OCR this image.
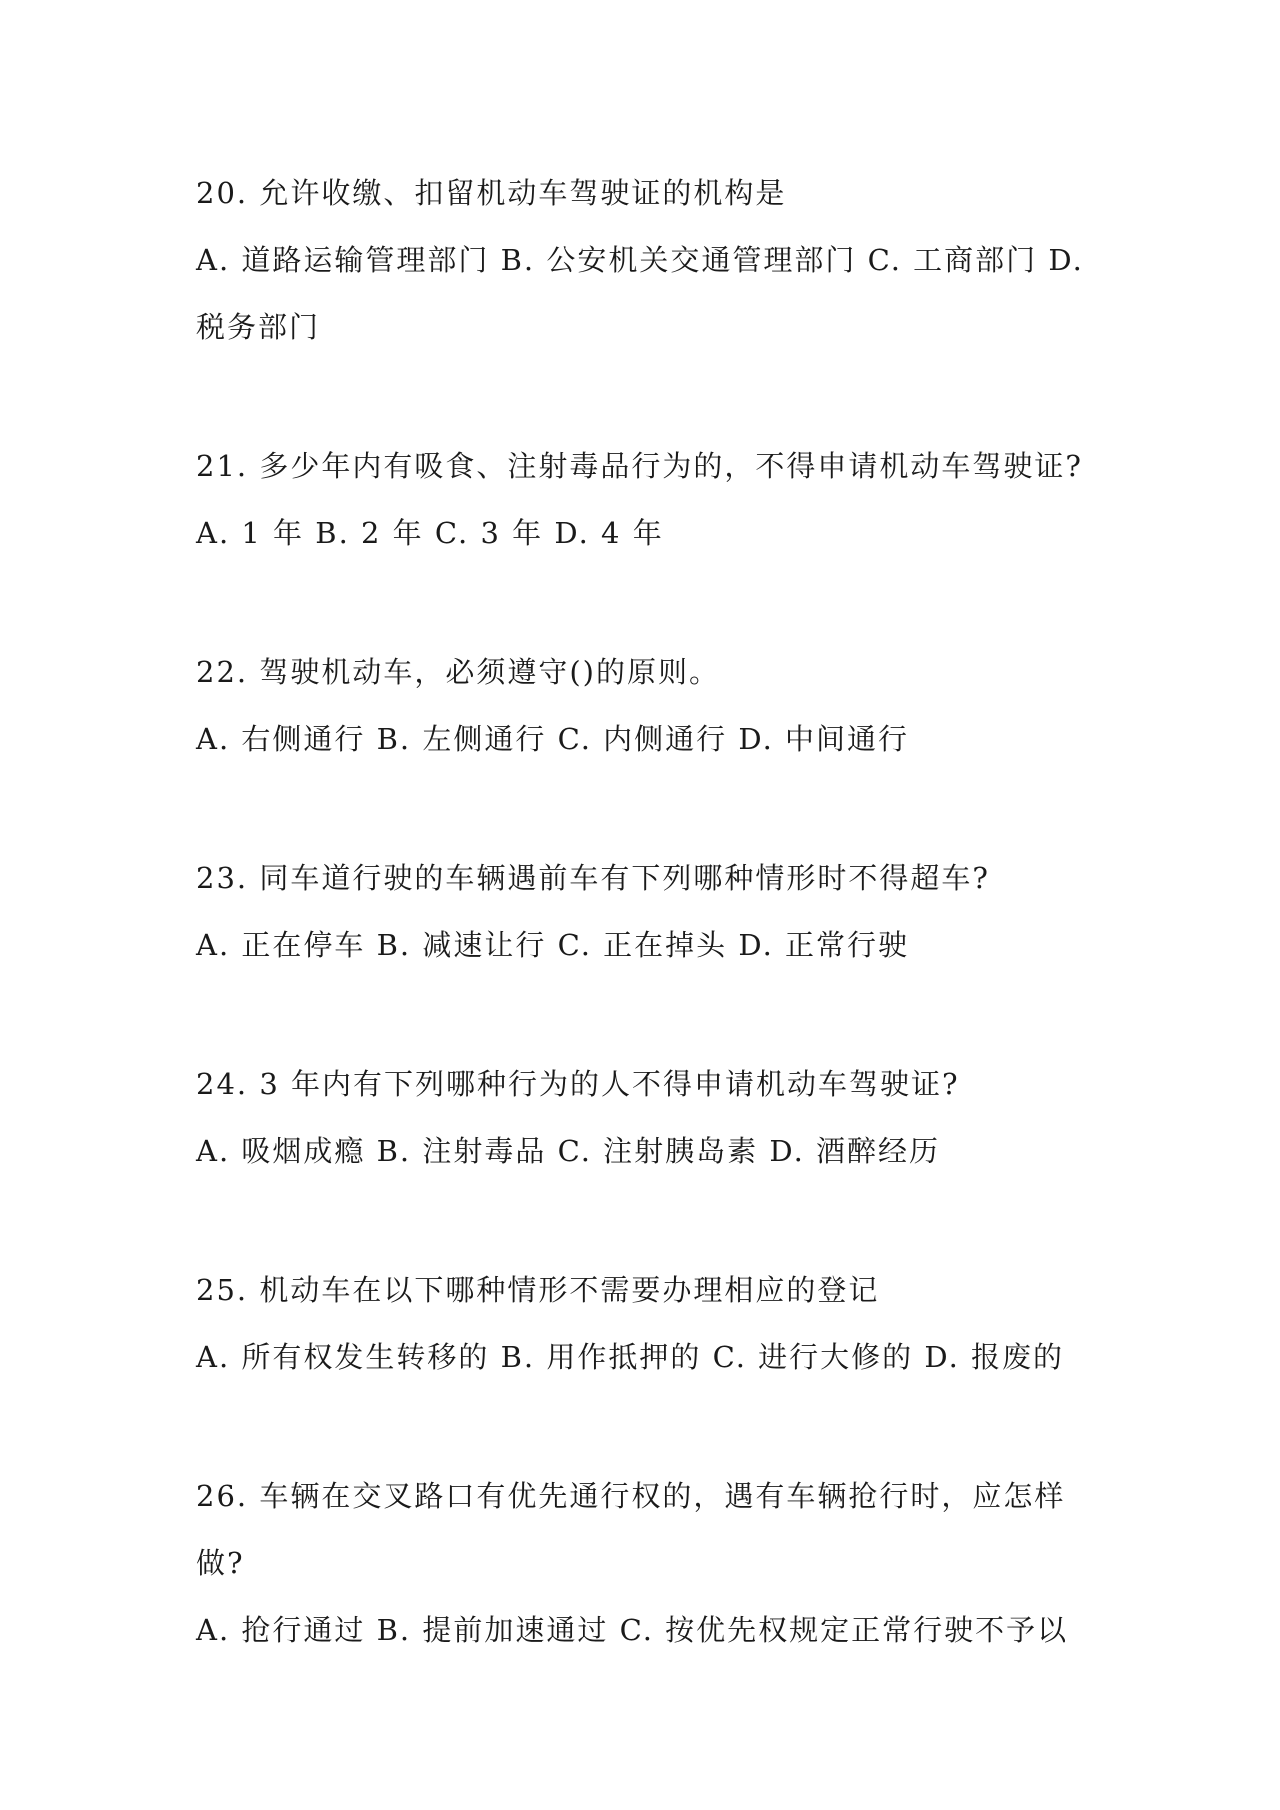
20. 允许收缴、扣留机动车驾驶证的机构是
A. 道路运输管理部门 B. 公安机关交通管理部门 C. 工商部门 D. 税务部门
21. 多少年内有吸食、注射毒品行为的，不得申请机动车驾驶证?
A. 1 年 B. 2 年 C. 3 年 D. 4 年
22. 驾驶机动车，必须遵守()的原则。
A. 右侧通行 B. 左侧通行 C. 内侧通行 D. 中间通行
23. 同车道行驶的车辆遇前车有下列哪种情形时不得超车?
A. 正在停车 B. 减速让行 C. 正在掉头 D. 正常行驶
24. 3 年内有下列哪种行为的人不得申请机动车驾驶证?
A. 吸烟成瘾 B. 注射毒品 C. 注射胰岛素 D. 酒醉经历
25. 机动车在以下哪种情形不需要办理相应的登记
A. 所有权发生转移的 B. 用作抵押的 C. 进行大修的 D. 报废的
26. 车辆在交叉路口有优先通行权的，遇有车辆抢行时，应怎样做?
A. 抢行通过 B. 提前加速通过 C. 按优先权规定正常行驶不予以
